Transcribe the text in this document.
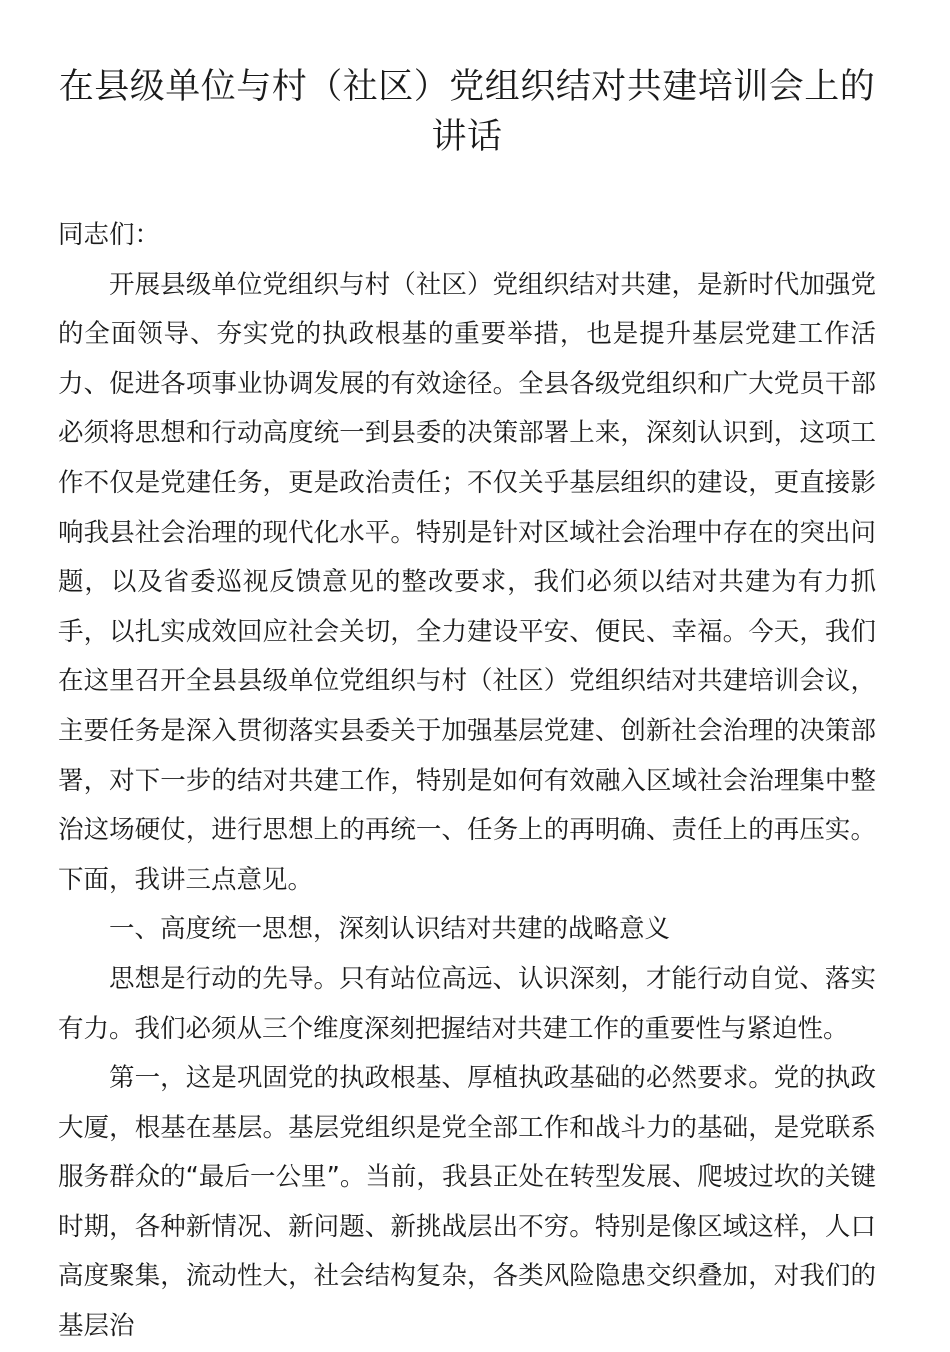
在县级单位与村（社区）党组织结对共建培训会上的讲话

同志们：

开展县级单位党组织与村（社区）党组织结对共建，是新时代加强党的全面领导、夯实党的执政根基的重要举措，也是提升基层党建工作活力、促进各项事业协调发展的有效途径。全县各级党组织和广大党员干部必须将思想和行动高度统一到县委的决策部署上来，深刻认识到，这项工作不仅是党建任务，更是政治责任；不仅关乎基层组织的建设，更直接影响我县社会治理的现代化水平。特别是针对区域社会治理中存在的突出问题，以及省委巡视反馈意见的整改要求，我们必须以结对共建为有力抓手，以扎实成效回应社会关切，全力建设平安、便民、幸福。今天，我们在这里召开全县县级单位党组织与村（社区）党组织结对共建培训会议，主要任务是深入贯彻落实县委关于加强基层党建、创新社会治理的决策部署，对下一步的结对共建工作，特别是如何有效融入区域社会治理集中整治这场硬仗，进行思想上的再统一、任务上的再明确、责任上的再压实。下面，我讲三点意见。

一、高度统一思想，深刻认识结对共建的战略意义

思想是行动的先导。只有站位高远、认识深刻，才能行动自觉、落实有力。我们必须从三个维度深刻把握结对共建工作的重要性与紧迫性。

第一，这是巩固党的执政根基、厚植执政基础的必然要求。党的执政大厦，根基在基层。基层党组织是党全部工作和战斗力的基础，是党联系服务群众的“最后一公里”。当前，我县正处在转型发展、爬坡过坎的关键时期，各种新情况、新问题、新挑战层出不穷。特别是像区域这样，人口高度聚集，流动性大，社会结构复杂，各类风险隐患交织叠加，对我们的基层治
